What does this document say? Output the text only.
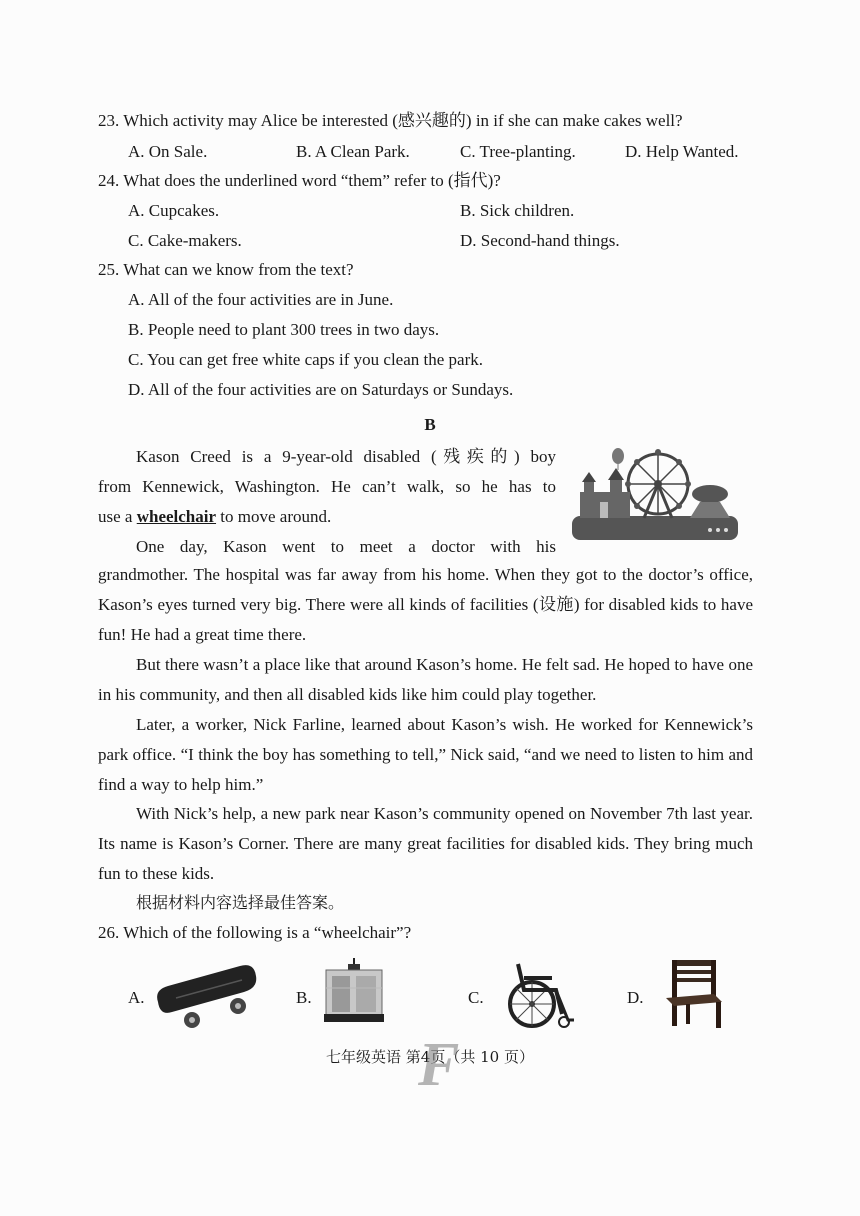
23. Which activity may Alice be interested (感兴趣的) in if she can make cakes well?
A. On Sale.	B. A Clean Park.	C. Tree-planting.	D. Help Wanted.
24. What does the underlined word “them” refer to (指代)?
A. Cupcakes.	B. Sick children.
C. Cake-makers.	D. Second-hand things.
25. What can we know from the text?
A. All of the four activities are in June.
B. People need to plant 300 trees in two days.
C. You can get free white caps if you clean the park.
D. All of the four activities are on Saturdays or Sundays.
B
Kason Creed is a 9-year-old disabled (残疾的) boy
from Kennewick, Washington. He can’t walk, so he has to
use a wheelchair to move around.
One day, Kason went to meet a doctor with his
grandmother. The hospital was far away from his home. When they got to the doctor’s office, Kason’s eyes turned very big. There were all kinds of facilities (设施) for disabled kids to have fun! He had a great time there.
But there wasn’t a place like that around Kason’s home. He felt sad. He hoped to have one in his community, and then all disabled kids like him could play together.
Later, a worker, Nick Farline, learned about Kason’s wish. He worked for Kennewick’s park office. “I think the boy has something to tell,” Nick said, “and we need to listen to him and find a way to help him.”
With Nick’s help, a new park near Kason’s community opened on November 7th last year. Its name is Kason’s Corner. There are many great facilities for disabled kids. They bring much fun to these kids.
根据材料内容选择最佳答案。
26. Which of the following is a “wheelchair”?
A.	B.	C.	D.
七年级英语 第4页（共 10 页）
F
